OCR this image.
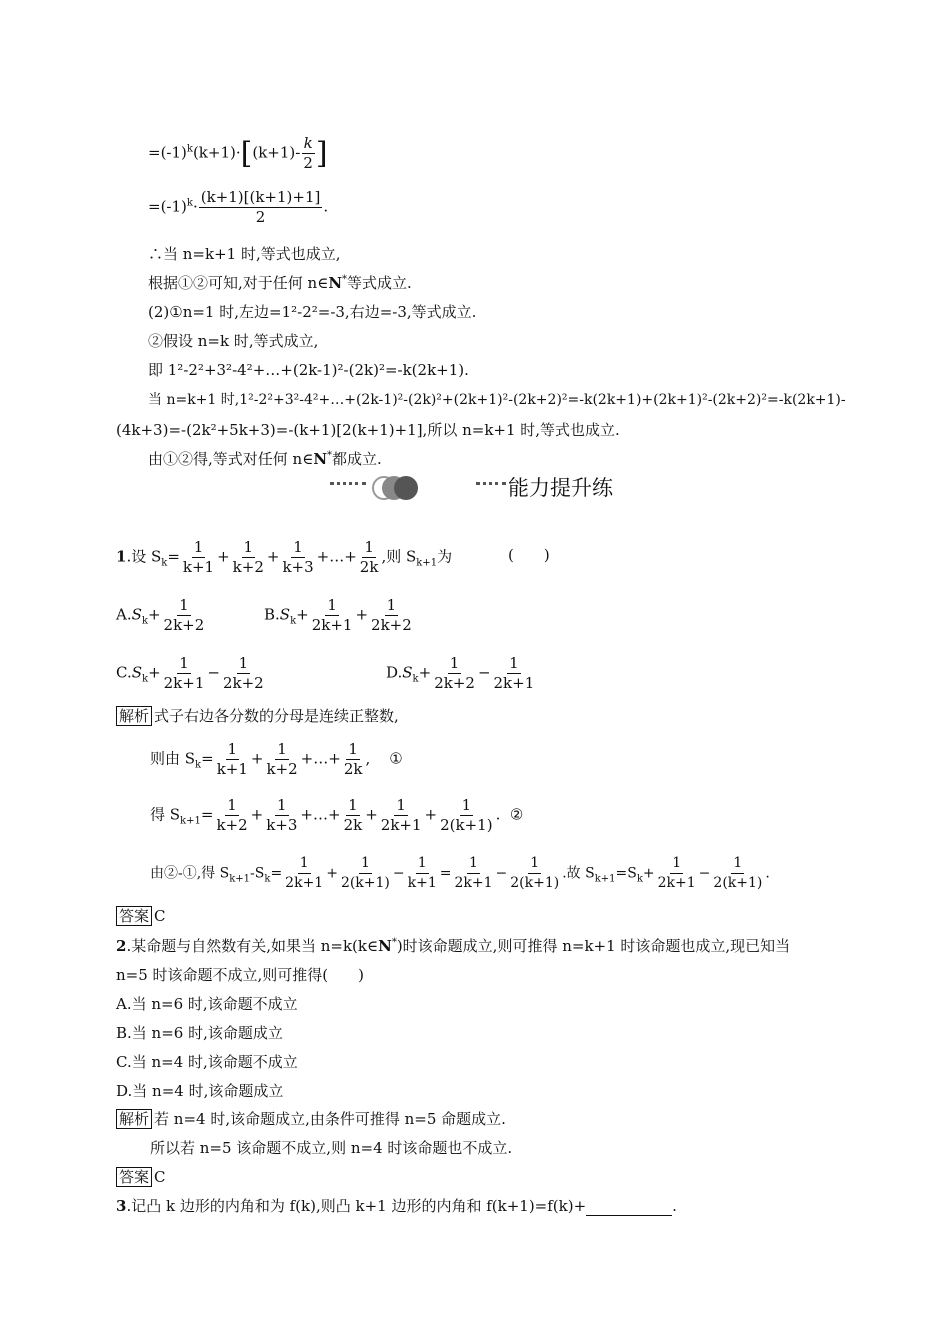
$=(-1)^k(k+1)\cdot[(k+1)- \frac{k}{2}$ ]
$=(-1)^k\cdot \frac{(k+1)[(k+1)+1]}{2}$ .
∴当 n=k+1 时,等式也成立,
根据①②可知,对于任何 n∈N*等式成立.
(2)①n=1 时,左边=1²-2²=-3,右边=-3,等式成立.
②假设 n=k 时,等式成立,
即 1²-2²+3²-4²+…+(2k-1)²-(2k)²=-k(2k+1).
当 n=k+1 时,1²-2²+3²-4²+…+(2k-1)²-(2k)²+(2k+1)²-(2k+2)²=-k(2k+1)+(2k+1)²-(2k+2)²=-k(2k+1)-
(4k+3)=-(2k²+5k+3)=-(k+1)[2(k+1)+1],所以 n=k+1 时,等式也成立.
由①②得,等式对任何 n∈N*都成立.
能力提升练
1.设 $S_k= \frac{1}{k+1} + \frac{1}{k+2} + \frac{1}{k+3}$ +…+ $\frac{1}{2k}$ ,则 $S_{k+1}$为	(　　)
$A.S_k+ \frac{1}{2k+2}$	$B.S_k+ \frac{1}{2k+1} + \frac{1}{2k+2}$
$C.S_k+ \frac{1}{2k+1} - \frac{1}{2k+2}$	$D.S_k+ \frac{1}{2k+2} - \frac{1}{2k+1}$
解析 式子右边各分数的分母是连续正整数,
则由 $S_k= \frac{1}{k+1} + \frac{1}{k+2}$ +…+ $\frac{1}{2k}$ ,    ①
得 $S_{k+1}= \frac{1}{k+2} + \frac{1}{k+3}$ +…+ $\frac{1}{2k} + \frac{1}{2k+1} + \frac{1}{2(k+1)}$ . ②
由②-①,得 $S_{k+1}-S_k= \frac{1}{2k+1} + \frac{1}{2(k+1)} - \frac{1}{k+1} = \frac{1}{2k+1} - \frac{1}{2(k+1)}$ .故 $S_{k+1}=S_k+ \frac{1}{2k+1} - \frac{1}{2(k+1)}$ .
答案 C
2.某命题与自然数有关,如果当 n=k(k∈N*)时该命题成立,则可推得 n=k+1 时该命题也成立,现已知当
n=5 时该命题不成立,则可推得(　　)
A.当 n=6 时,该命题不成立
B.当 n=6 时,该命题成立
C.当 n=4 时,该命题不成立
D.当 n=4 时,该命题成立
解析 若 n=4 时,该命题成立,由条件可推得 n=5 命题成立.
所以若 n=5 该命题不成立,则 n=4 时该命题也不成立.
答案 C
3.记凸 k 边形的内角和为 f(k),则凸 k+1 边形的内角和 f(k+1)=f(k)+	.
